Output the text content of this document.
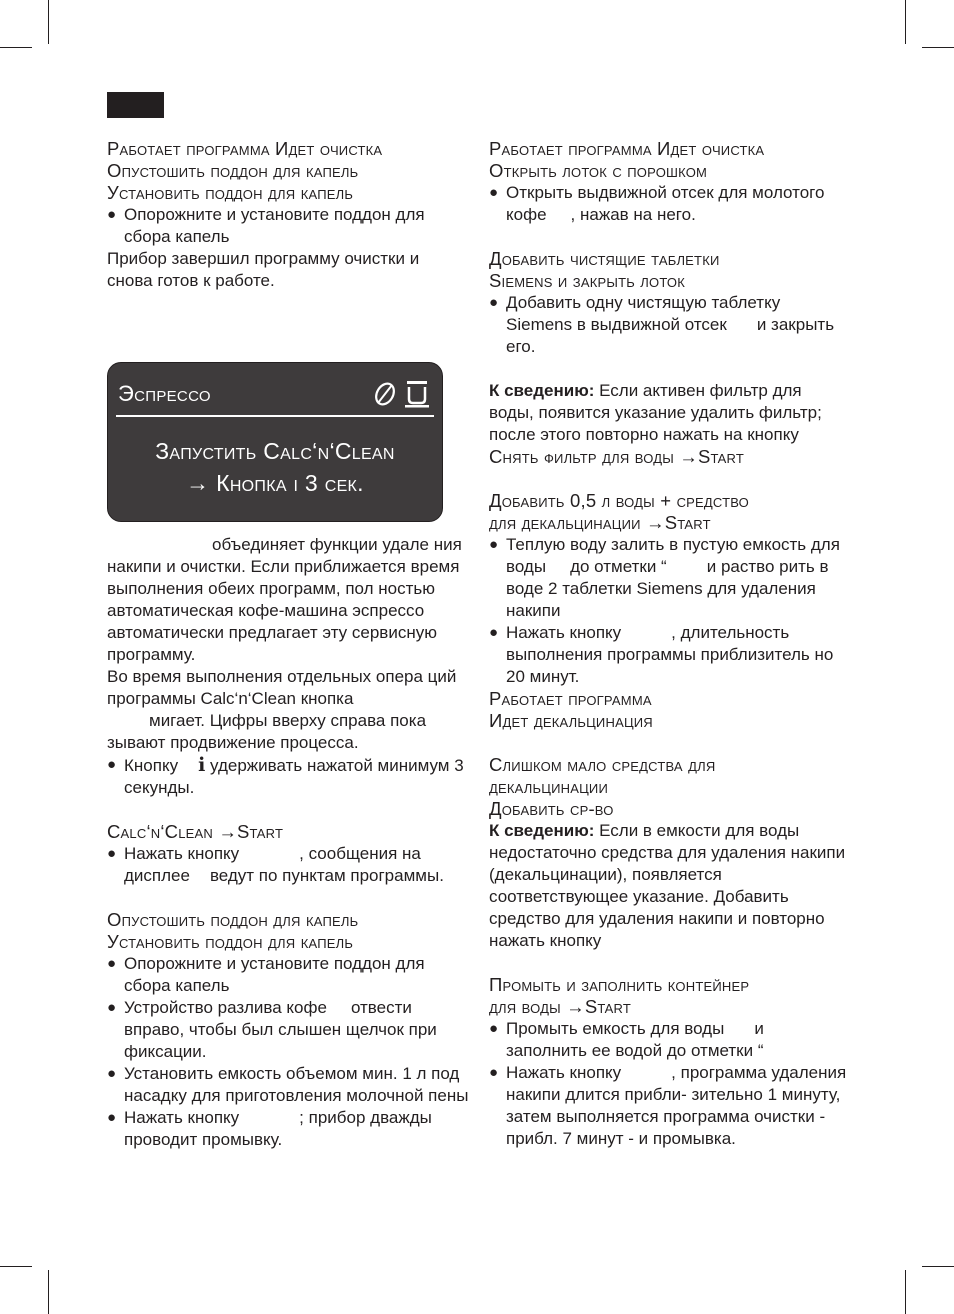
Работает программа Идет очистка
Опустошить поддон для капель
Установить поддон для капель

● Опорожните и установите поддон для сбора капель

Прибор завершил программу очистки и снова готов к работе.

Эспрессо
Запустить Calc‘n‘Clean
→ Кнопка i 3 сек.

объединяет функции удале ния накипи и очистки. Если приближается время выполнения обеих программ, пол ностью автоматическая кофе-машина эспрессо автоматически предлагает эту сервисную программу.

Во время выполнения отдельных опера ций программы Calc‘n‘Clean кнопка
мигает. Цифры вверху справа пока зывают продвижение процесса.

● Кнопку i удерживать нажатой минимум 3 секунды.

Calc‘n‘Clean →Start

● Нажать кнопку	, сообщения на дисплее ведут по пунктам программы.

Опустошить поддон для капель
Установить поддон для капель

● Опорожните и установите поддон для сбора капель

● Устройство разлива кофе отвести вправо, чтобы был слышен щелчок при фиксации.

● Установить емкость объемом мин. 1 л под насадку для приготовления молочной пены

● Нажать кнопку	; прибор дважды проводит промывку.

Работает программа Идет очистка
Открыть лоток с порошком

● Открыть выдвижной отсек для молотого кофе , нажав на него.

Добавить чистящие таблетки
Siemens и закрыть лоток

● Добавить одну чистящую таблетку Siemens в выдвижной отсек и закрыть его.

К сведению: Если активен фильтр для воды, появится указание удалить фильтр; после этого повторно нажать на кнопку

Снять фильтр для воды →Start
Добавить 0,5 л воды + средство
для декальцинации →Start

● Теплую воду залить в пустую емкость для воды до отметки “ и раство рить в воде 2 таблетки Siemens для удаления накипи

● Нажать кнопку	, длительность выполнения программы приблизитель но 20 минут.

Работает программа
Идет декальцинация
Слишком мало средства для
декальцинации
Добавить ср-во

К сведению: Если в емкости для воды недостаточно средства для удаления накипи (декальцинации), появляется соответствующее указание. Добавить средство для удаления накипи и повторно нажать кнопку

Промыть и заполнить контейнер
для воды →Start

● Промыть емкость для воды и заполнить ее водой до отметки “

● Нажать кнопку	, программа удаления накипи длится прибли- зительно 1 минуту, затем выполняется программа очистки - прибл. 7 минут - и промывка.
